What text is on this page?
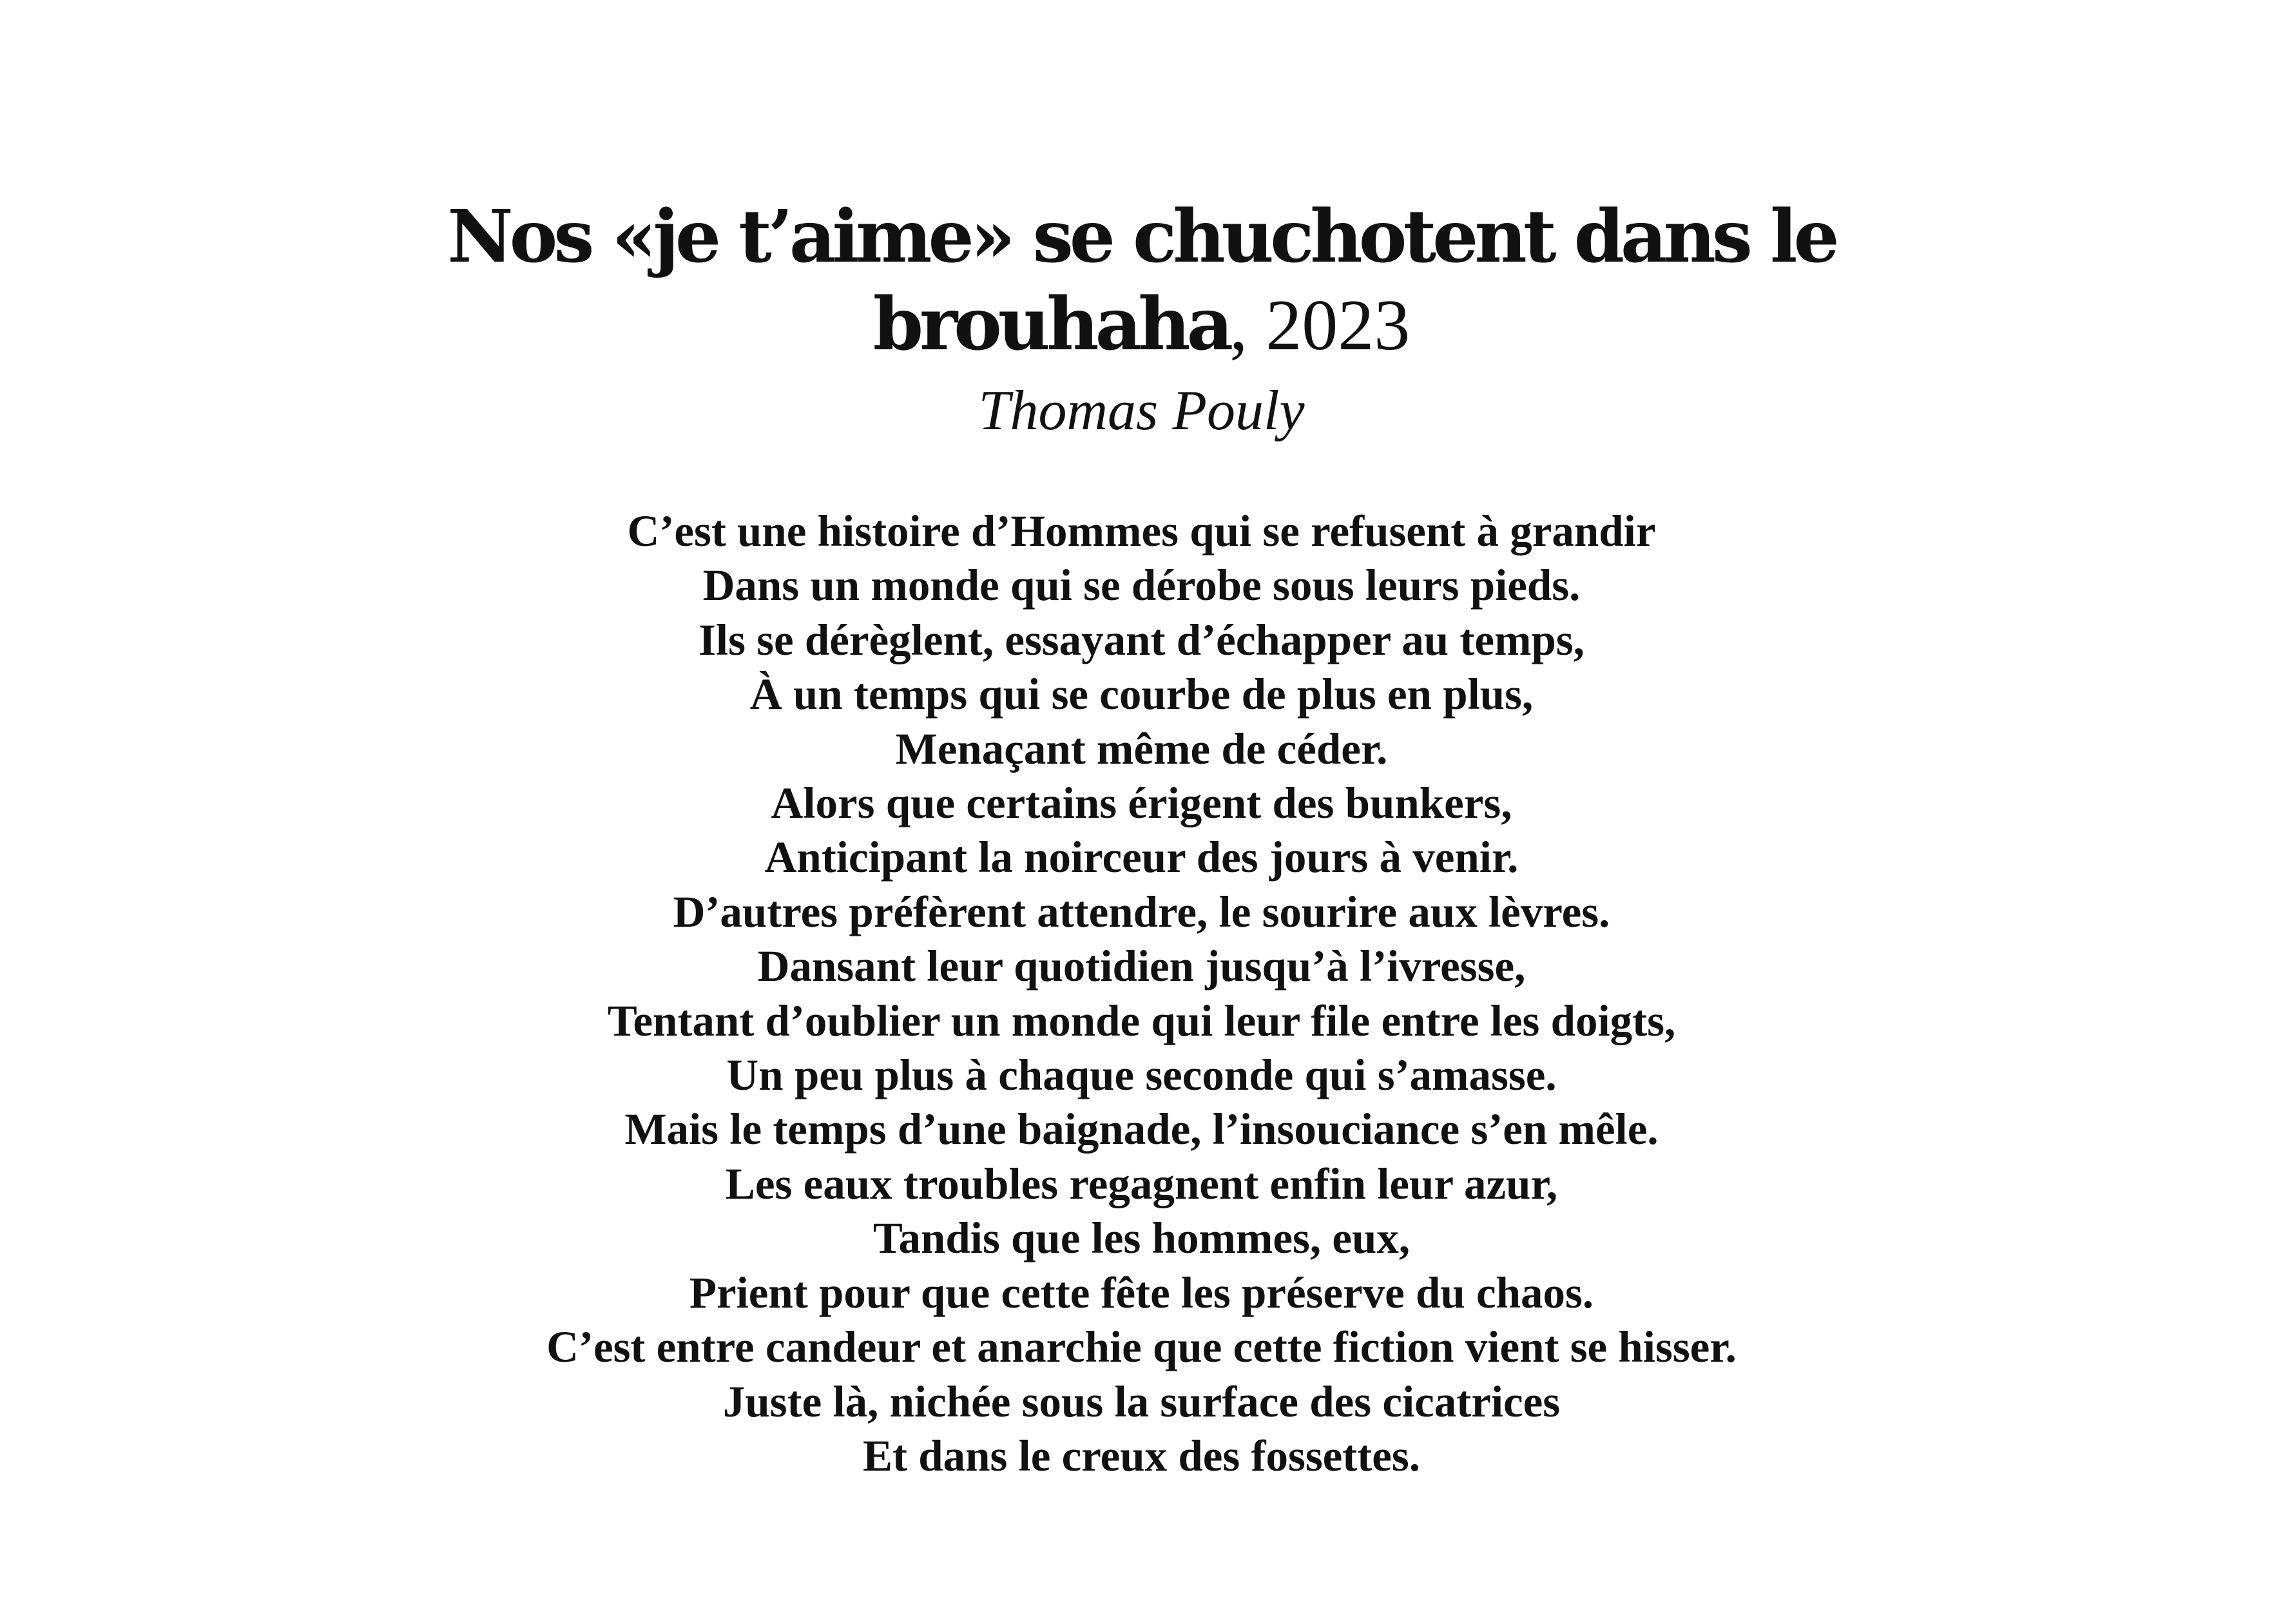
Nos «je t’aime» se chuchotent dans le
brouhaha, 2023
Thomas Pouly
C’est une histoire d’Hommes qui se refusent à grandir
Dans un monde qui se dérobe sous leurs pieds.
Ils se dérèglent, essayant d’échapper au temps,
À un temps qui se courbe de plus en plus,
Menaçant même de céder.
Alors que certains érigent des bunkers,
Anticipant la noirceur des jours à venir.
D’autres préfèrent attendre, le sourire aux lèvres.
Dansant leur quotidien jusqu’à l’ivresse,
Tentant d’oublier un monde qui leur file entre les doigts,
Un peu plus à chaque seconde qui s’amasse.
Mais le temps d’une baignade, l’insouciance s’en mêle.
Les eaux troubles regagnent enfin leur azur,
Tandis que les hommes, eux,
Prient pour que cette fête les préserve du chaos.
C’est entre candeur et anarchie que cette fiction vient se hisser.
Juste là, nichée sous la surface des cicatrices
Et dans le creux des fossettes.
